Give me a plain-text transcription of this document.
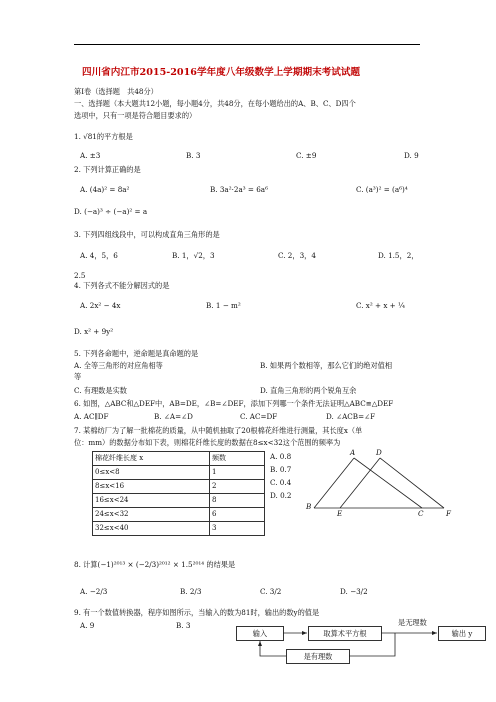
四川省内江市2015-2016学年度八年级数学上学期期末考试试题
第Ⅰ卷（选择题　共48分）
一、选择题（本大题共12小题，每小题4分，共48分，在每小题给出的A、B、C、D四个
选项中，只有一项是符合题目要求的）
1. √81的平方根是
A. ±3	B. 3	C. ±9	D. 9
2. 下列计算正确的是
A. (4a)² = 8a²	B. 3a²·2a³ = 6a⁶	C. (a³)² = (a⁶)⁴
D. (−a)³ ÷ (−a)² = a
3. 下列四组线段中，可以构成直角三角形的是
A. 4，5，6	B. 1，√2，3	C. 2，3，4	D. 1.5，2，
2.5
4. 下列各式不能分解因式的是
A. 2x² − 4x	B. 1 − m²	C. x² + x + ¼
D. x² + 9y²
5. 下列各命题中，逆命题是真命题的是
A. 全等三角形的对应角相等	B. 如果两个数相等，那么它们的绝对值相
等
C. 有理数是实数	D. 直角三角形的两个锐角互余
6. 如图，△ABC和△DEF中，AB=DE，∠B=∠DEF，添加下列哪一个条件无法证明△ABC≌△DEF
A. AC∥DF	B. ∠A=∠D	C. AC=DF	D. ∠ACB=∠F
7. 某棉纺厂为了解一批棉花的质量，从中随机抽取了20根棉花纤维进行测量，其长度x（单
位：mm）的数据分布如下表，则棉花纤维长度的数据在8≤x<32这个范围的频率为
棉花纤维长度 x	频数
0≤x<8	1
8≤x<16	2
16≤x<24	8
24≤x<32	6
32≤x<40	3
A. 0.8
B. 0.7
C. 0.4
D. 0.2
A	D
B
E	C	F
8. 计算(−1)²⁰¹³ × (−2/3)²⁰¹² × 1.5²⁰¹⁴ 的结果是
A. −2/3	B. 2/3	C. 3/2	D. −3/2
9. 有一个数值转换器，程序如图所示，当输入的数为81时，输出的数y的值是
A. 9	B. 3
输入	取算术平方根	输出 y
是有理数
是无理数
